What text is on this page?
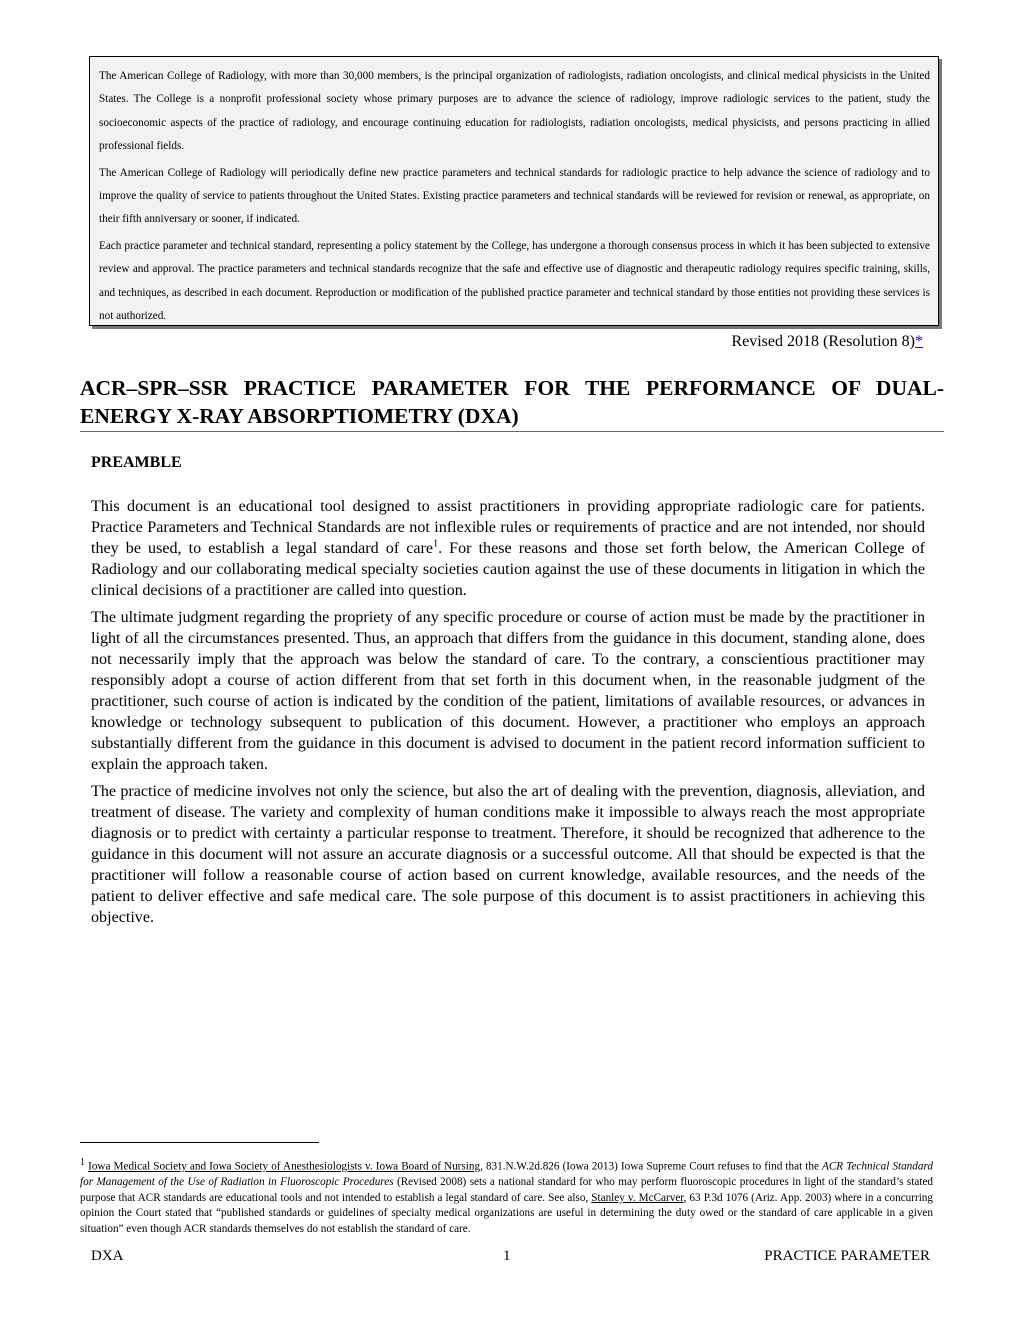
The American College of Radiology, with more than 30,000 members, is the principal organization of radiologists, radiation oncologists, and clinical medical physicists in the United States. The College is a nonprofit professional society whose primary purposes are to advance the science of radiology, improve radiologic services to the patient, study the socioeconomic aspects of the practice of radiology, and encourage continuing education for radiologists, radiation oncologists, medical physicists, and persons practicing in allied professional fields.

The American College of Radiology will periodically define new practice parameters and technical standards for radiologic practice to help advance the science of radiology and to improve the quality of service to patients throughout the United States. Existing practice parameters and technical standards will be reviewed for revision or renewal, as appropriate, on their fifth anniversary or sooner, if indicated.

Each practice parameter and technical standard, representing a policy statement by the College, has undergone a thorough consensus process in which it has been subjected to extensive review and approval. The practice parameters and technical standards recognize that the safe and effective use of diagnostic and therapeutic radiology requires specific training, skills, and techniques, as described in each document. Reproduction or modification of the published practice parameter and technical standard by those entities not providing these services is not authorized.

Revised 2018 (Resolution 8)*
ACR–SPR–SSR PRACTICE PARAMETER FOR THE PERFORMANCE OF DUAL-ENERGY X-RAY ABSORPTIOMETRY (DXA)
PREAMBLE

This document is an educational tool designed to assist practitioners in providing appropriate radiologic care for patients. Practice Parameters and Technical Standards are not inflexible rules or requirements of practice and are not intended, nor should they be used, to establish a legal standard of care$^1$. For these reasons and those set forth below, the American College of Radiology and our collaborating medical specialty societies caution against the use of these documents in litigation in which the clinical decisions of a practitioner are called into question.

The ultimate judgment regarding the propriety of any specific procedure or course of action must be made by the practitioner in light of all the circumstances presented. Thus, an approach that differs from the guidance in this document, standing alone, does not necessarily imply that the approach was below the standard of care. To the contrary, a conscientious practitioner may responsibly adopt a course of action different from that set forth in this document when, in the reasonable judgment of the practitioner, such course of action is indicated by the condition of the patient, limitations of available resources, or advances in knowledge or technology subsequent to publication of this document. However, a practitioner who employs an approach substantially different from the guidance in this document is advised to document in the patient record information sufficient to explain the approach taken.

The practice of medicine involves not only the science, but also the art of dealing with the prevention, diagnosis, alleviation, and treatment of disease. The variety and complexity of human conditions make it impossible to always reach the most appropriate diagnosis or to predict with certainty a particular response to treatment. Therefore, it should be recognized that adherence to the guidance in this document will not assure an accurate diagnosis or a successful outcome. All that should be expected is that the practitioner will follow a reasonable course of action based on current knowledge, available resources, and the needs of the patient to deliver effective and safe medical care. The sole purpose of this document is to assist practitioners in achieving this objective.

$^1$ Iowa Medical Society and Iowa Society of Anesthesiologists v. Iowa Board of Nursing, 831.N.W.2d.826 (Iowa 2013) Iowa Supreme Court refuses to find that the ACR Technical Standard for Management of the Use of Radiation in Fluoroscopic Procedures (Revised 2008) sets a national standard for who may perform fluoroscopic procedures in light of the standard’s stated purpose that ACR standards are educational tools and not intended to establish a legal standard of care. See also, Stanley v. McCarver, 63 P.3d 1076 (Ariz. App. 2003) where in a concurring opinion the Court stated that “published standards or guidelines of specialty medical organizations are useful in determining the duty owed or the standard of care applicable in a given situation” even though ACR standards themselves do not establish the standard of care.
DXA	1	PRACTICE PARAMETER
